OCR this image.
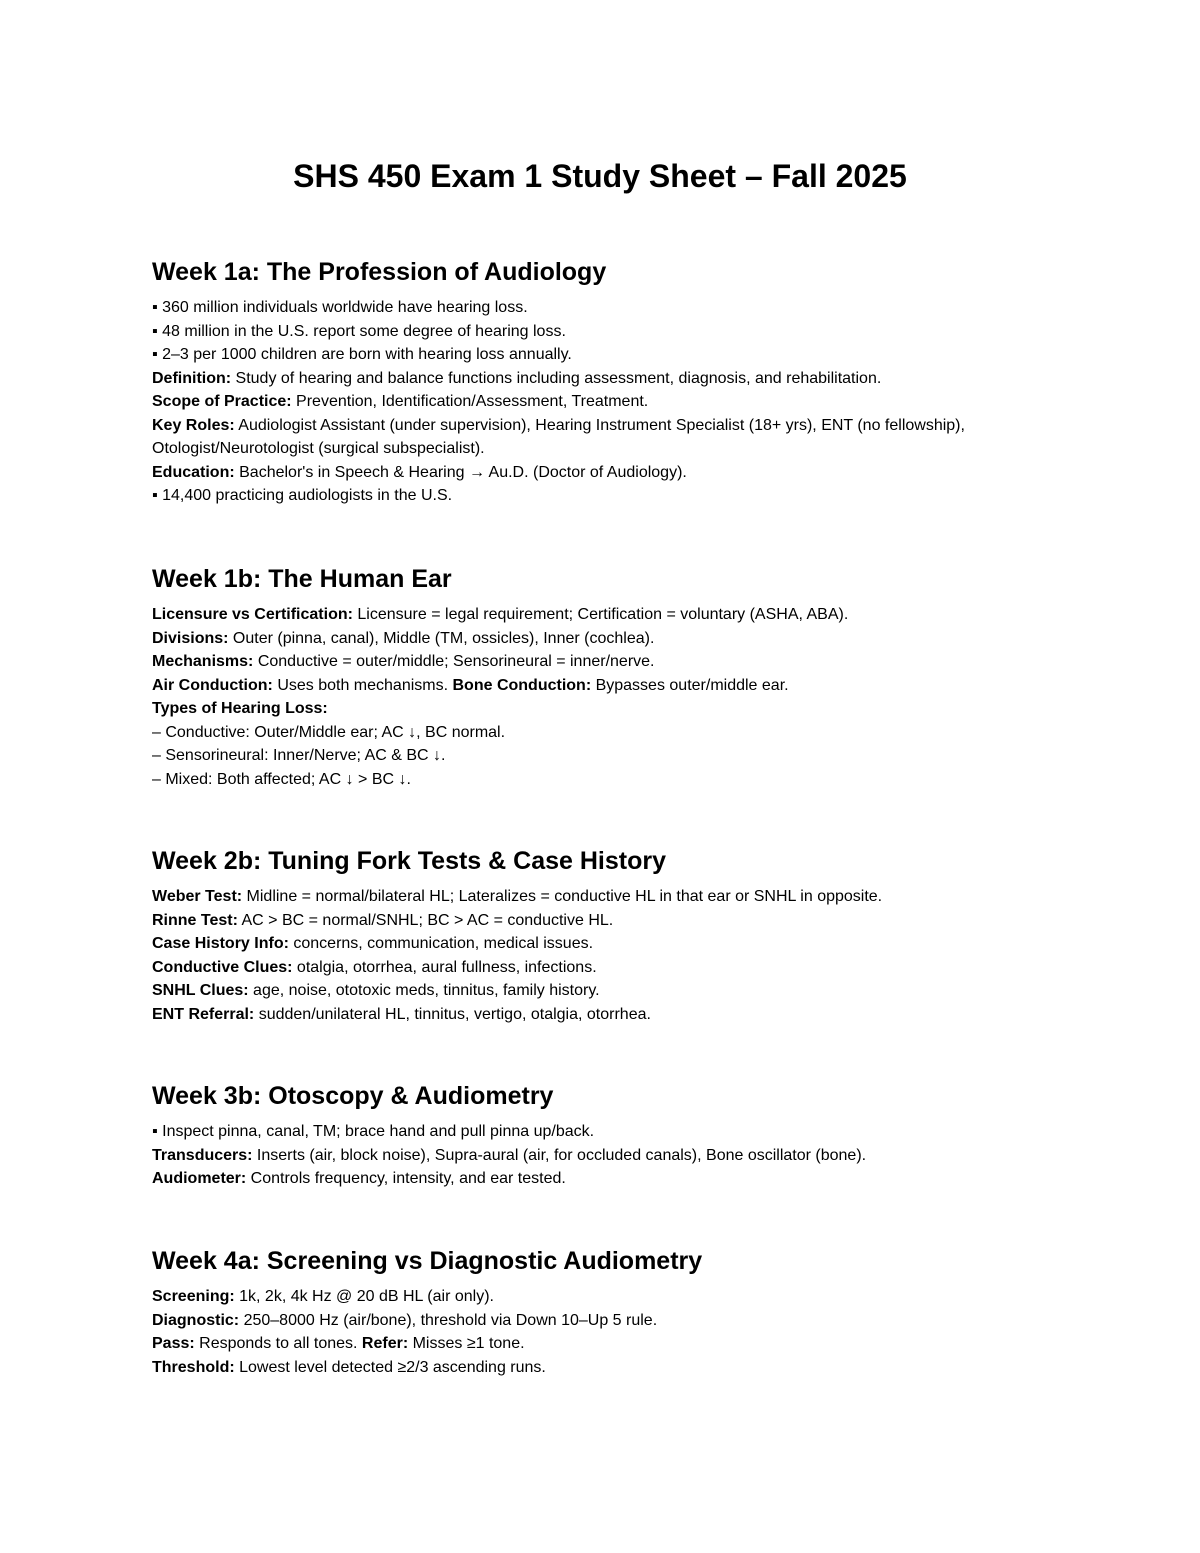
SHS 450 Exam 1 Study Sheet – Fall 2025
Week 1a: The Profession of Audiology

▪ 360 million individuals worldwide have hearing loss.

▪ 48 million in the U.S. report some degree of hearing loss.

▪ 2–3 per 1000 children are born with hearing loss annually.

Definition: Study of hearing and balance functions including assessment, diagnosis, and rehabilitation.

Scope of Practice: Prevention, Identification/Assessment, Treatment.

Key Roles: Audiologist Assistant (under supervision), Hearing Instrument Specialist (18+ yrs), ENT (no fellowship), Otologist/Neurotologist (surgical subspecialist).

Education: Bachelor's in Speech & Hearing → Au.D. (Doctor of Audiology).

▪ 14,400 practicing audiologists in the U.S.

Week 1b: The Human Ear

Licensure vs Certification: Licensure = legal requirement; Certification = voluntary (ASHA, ABA).

Divisions: Outer (pinna, canal), Middle (TM, ossicles), Inner (cochlea).

Mechanisms: Conductive = outer/middle; Sensorineural = inner/nerve.

Air Conduction: Uses both mechanisms. Bone Conduction: Bypasses outer/middle ear.

Types of Hearing Loss:

– Conductive: Outer/Middle ear; AC ↓, BC normal.

– Sensorineural: Inner/Nerve; AC & BC ↓.

– Mixed: Both affected; AC ↓ > BC ↓.

Week 2b: Tuning Fork Tests & Case History

Weber Test: Midline = normal/bilateral HL; Lateralizes = conductive HL in that ear or SNHL in opposite.

Rinne Test: AC > BC = normal/SNHL; BC > AC = conductive HL.

Case History Info: concerns, communication, medical issues.

Conductive Clues: otalgia, otorrhea, aural fullness, infections.

SNHL Clues: age, noise, ototoxic meds, tinnitus, family history.

ENT Referral: sudden/unilateral HL, tinnitus, vertigo, otalgia, otorrhea.

Week 3b: Otoscopy & Audiometry

▪ Inspect pinna, canal, TM; brace hand and pull pinna up/back.

Transducers: Inserts (air, block noise), Supra-aural (air, for occluded canals), Bone oscillator (bone).

Audiometer: Controls frequency, intensity, and ear tested.

Week 4a: Screening vs Diagnostic Audiometry

Screening: 1k, 2k, 4k Hz @ 20 dB HL (air only).

Diagnostic: 250–8000 Hz (air/bone), threshold via Down 10–Up 5 rule.

Pass: Responds to all tones. Refer: Misses ≥1 tone.

Threshold: Lowest level detected ≥2/3 ascending runs.
